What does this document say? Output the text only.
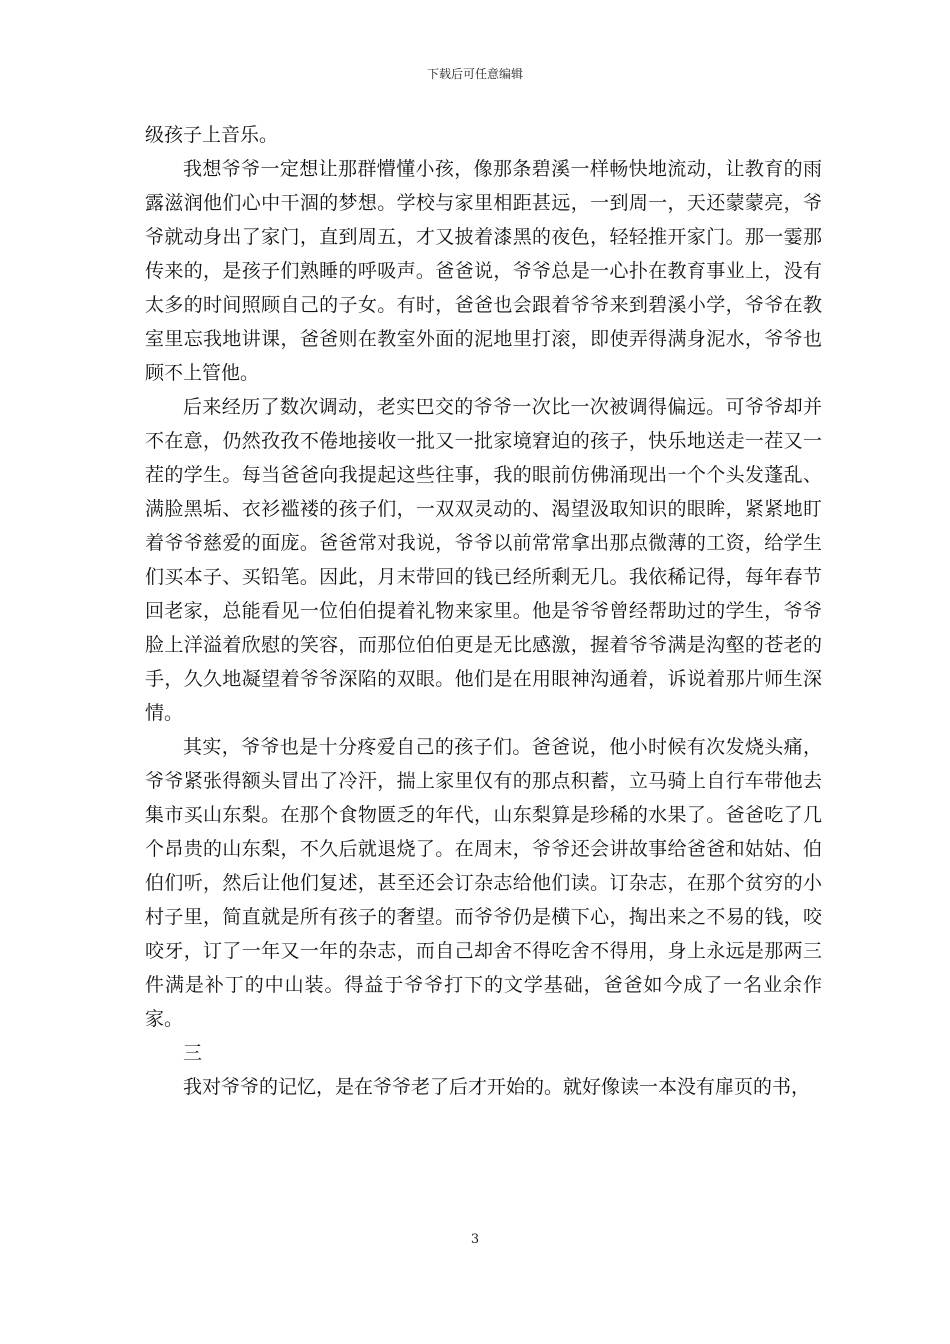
下载后可任意编辑

级孩子上音乐。

我想爷爷一定想让那群懵懂小孩，像那条碧溪一样畅快地流动，让教育的雨露滋润他们心中干涸的梦想。学校与家里相距甚远，一到周一，天还蒙蒙亮，爷爷就动身出了家门，直到周五，才又披着漆黑的夜色，轻轻推开家门。那一霎那传来的，是孩子们熟睡的呼吸声。爸爸说，爷爷总是一心扑在教育事业上，没有太多的时间照顾自己的子女。有时，爸爸也会跟着爷爷来到碧溪小学，爷爷在教室里忘我地讲课，爸爸则在教室外面的泥地里打滚，即使弄得满身泥水，爷爷也顾不上管他。

后来经历了数次调动，老实巴交的爷爷一次比一次被调得偏远。可爷爷却并不在意，仍然孜孜不倦地接收一批又一批家境窘迫的孩子，快乐地送走一茬又一茬的学生。每当爸爸向我提起这些往事，我的眼前仿佛涌现出一个个头发蓬乱、满脸黑垢、衣衫褴褛的孩子们，一双双灵动的、渴望汲取知识的眼眸，紧紧地盯着爷爷慈爱的面庞。爸爸常对我说，爷爷以前常常拿出那点微薄的工资，给学生们买本子、买铅笔。因此，月末带回的钱已经所剩无几。我依稀记得，每年春节回老家，总能看见一位伯伯提着礼物来家里。他是爷爷曾经帮助过的学生，爷爷脸上洋溢着欣慰的笑容，而那位伯伯更是无比感激，握着爷爷满是沟壑的苍老的手，久久地凝望着爷爷深陷的双眼。他们是在用眼神沟通着，诉说着那片师生深情。

其实，爷爷也是十分疼爱自己的孩子们。爸爸说，他小时候有次发烧头痛，爷爷紧张得额头冒出了冷汗，揣上家里仅有的那点积蓄，立马骑上自行车带他去集市买山东梨。在那个食物匮乏的年代，山东梨算是珍稀的水果了。爸爸吃了几个昂贵的山东梨，不久后就退烧了。在周末，爷爷还会讲故事给爸爸和姑姑、伯伯们听，然后让他们复述，甚至还会订杂志给他们读。订杂志，在那个贫穷的小村子里，简直就是所有孩子的奢望。而爷爷仍是横下心，掏出来之不易的钱，咬咬牙，订了一年又一年的杂志，而自己却舍不得吃舍不得用，身上永远是那两三件满是补丁的中山装。得益于爷爷打下的文学基础，爸爸如今成了一名业余作家。

三

我对爷爷的记忆，是在爷爷老了后才开始的。就好像读一本没有扉页的书，

3
